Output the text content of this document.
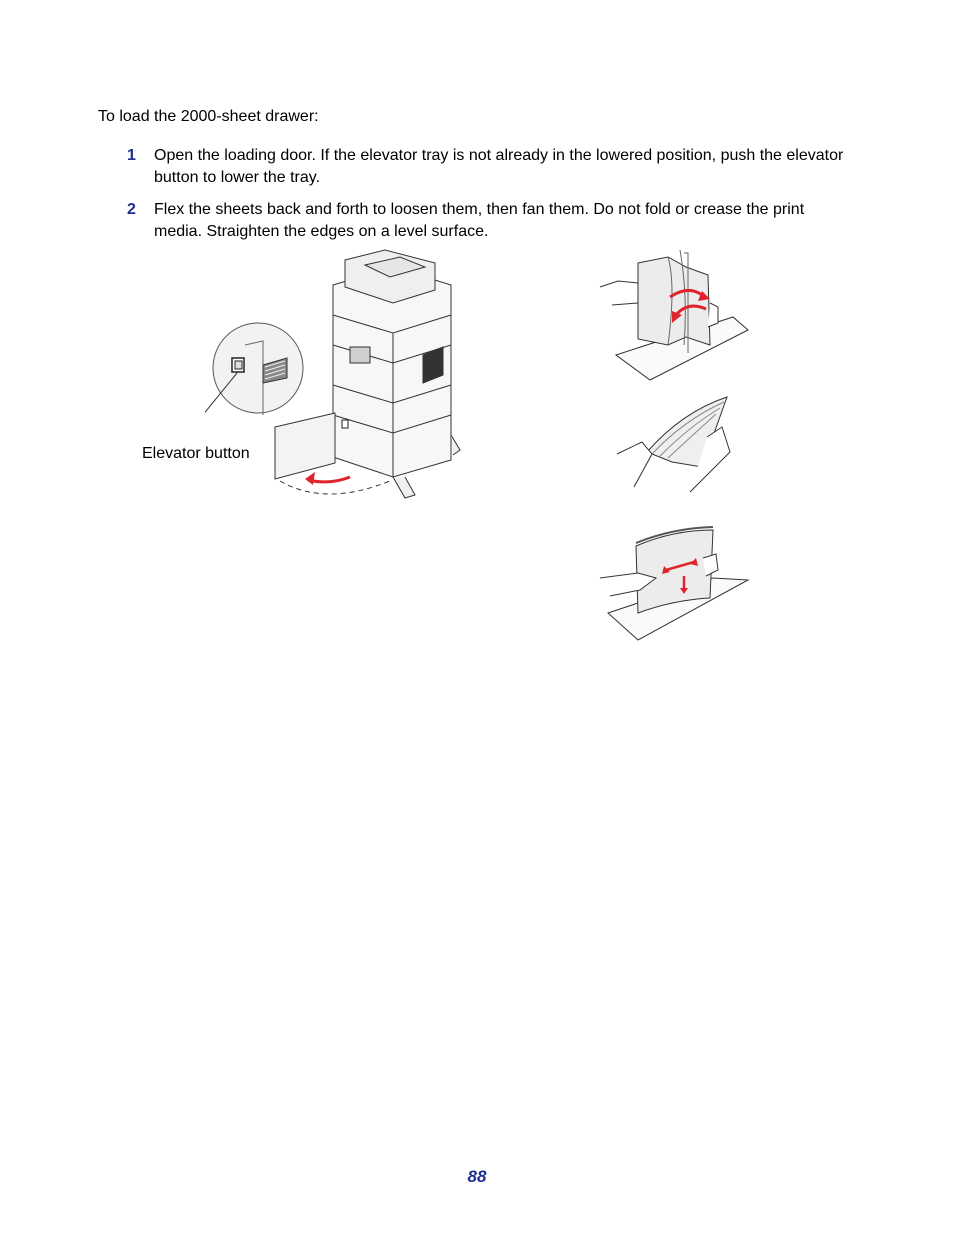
To load the 2000-sheet drawer:
1 Open the loading door. If the elevator tray is not already in the lowered position, push the elevator button to lower the tray.
2 Flex the sheets back and forth to loosen them, then fan them. Do not fold or crease the print media. Straighten the edges on a level surface.
Elevator button
88
